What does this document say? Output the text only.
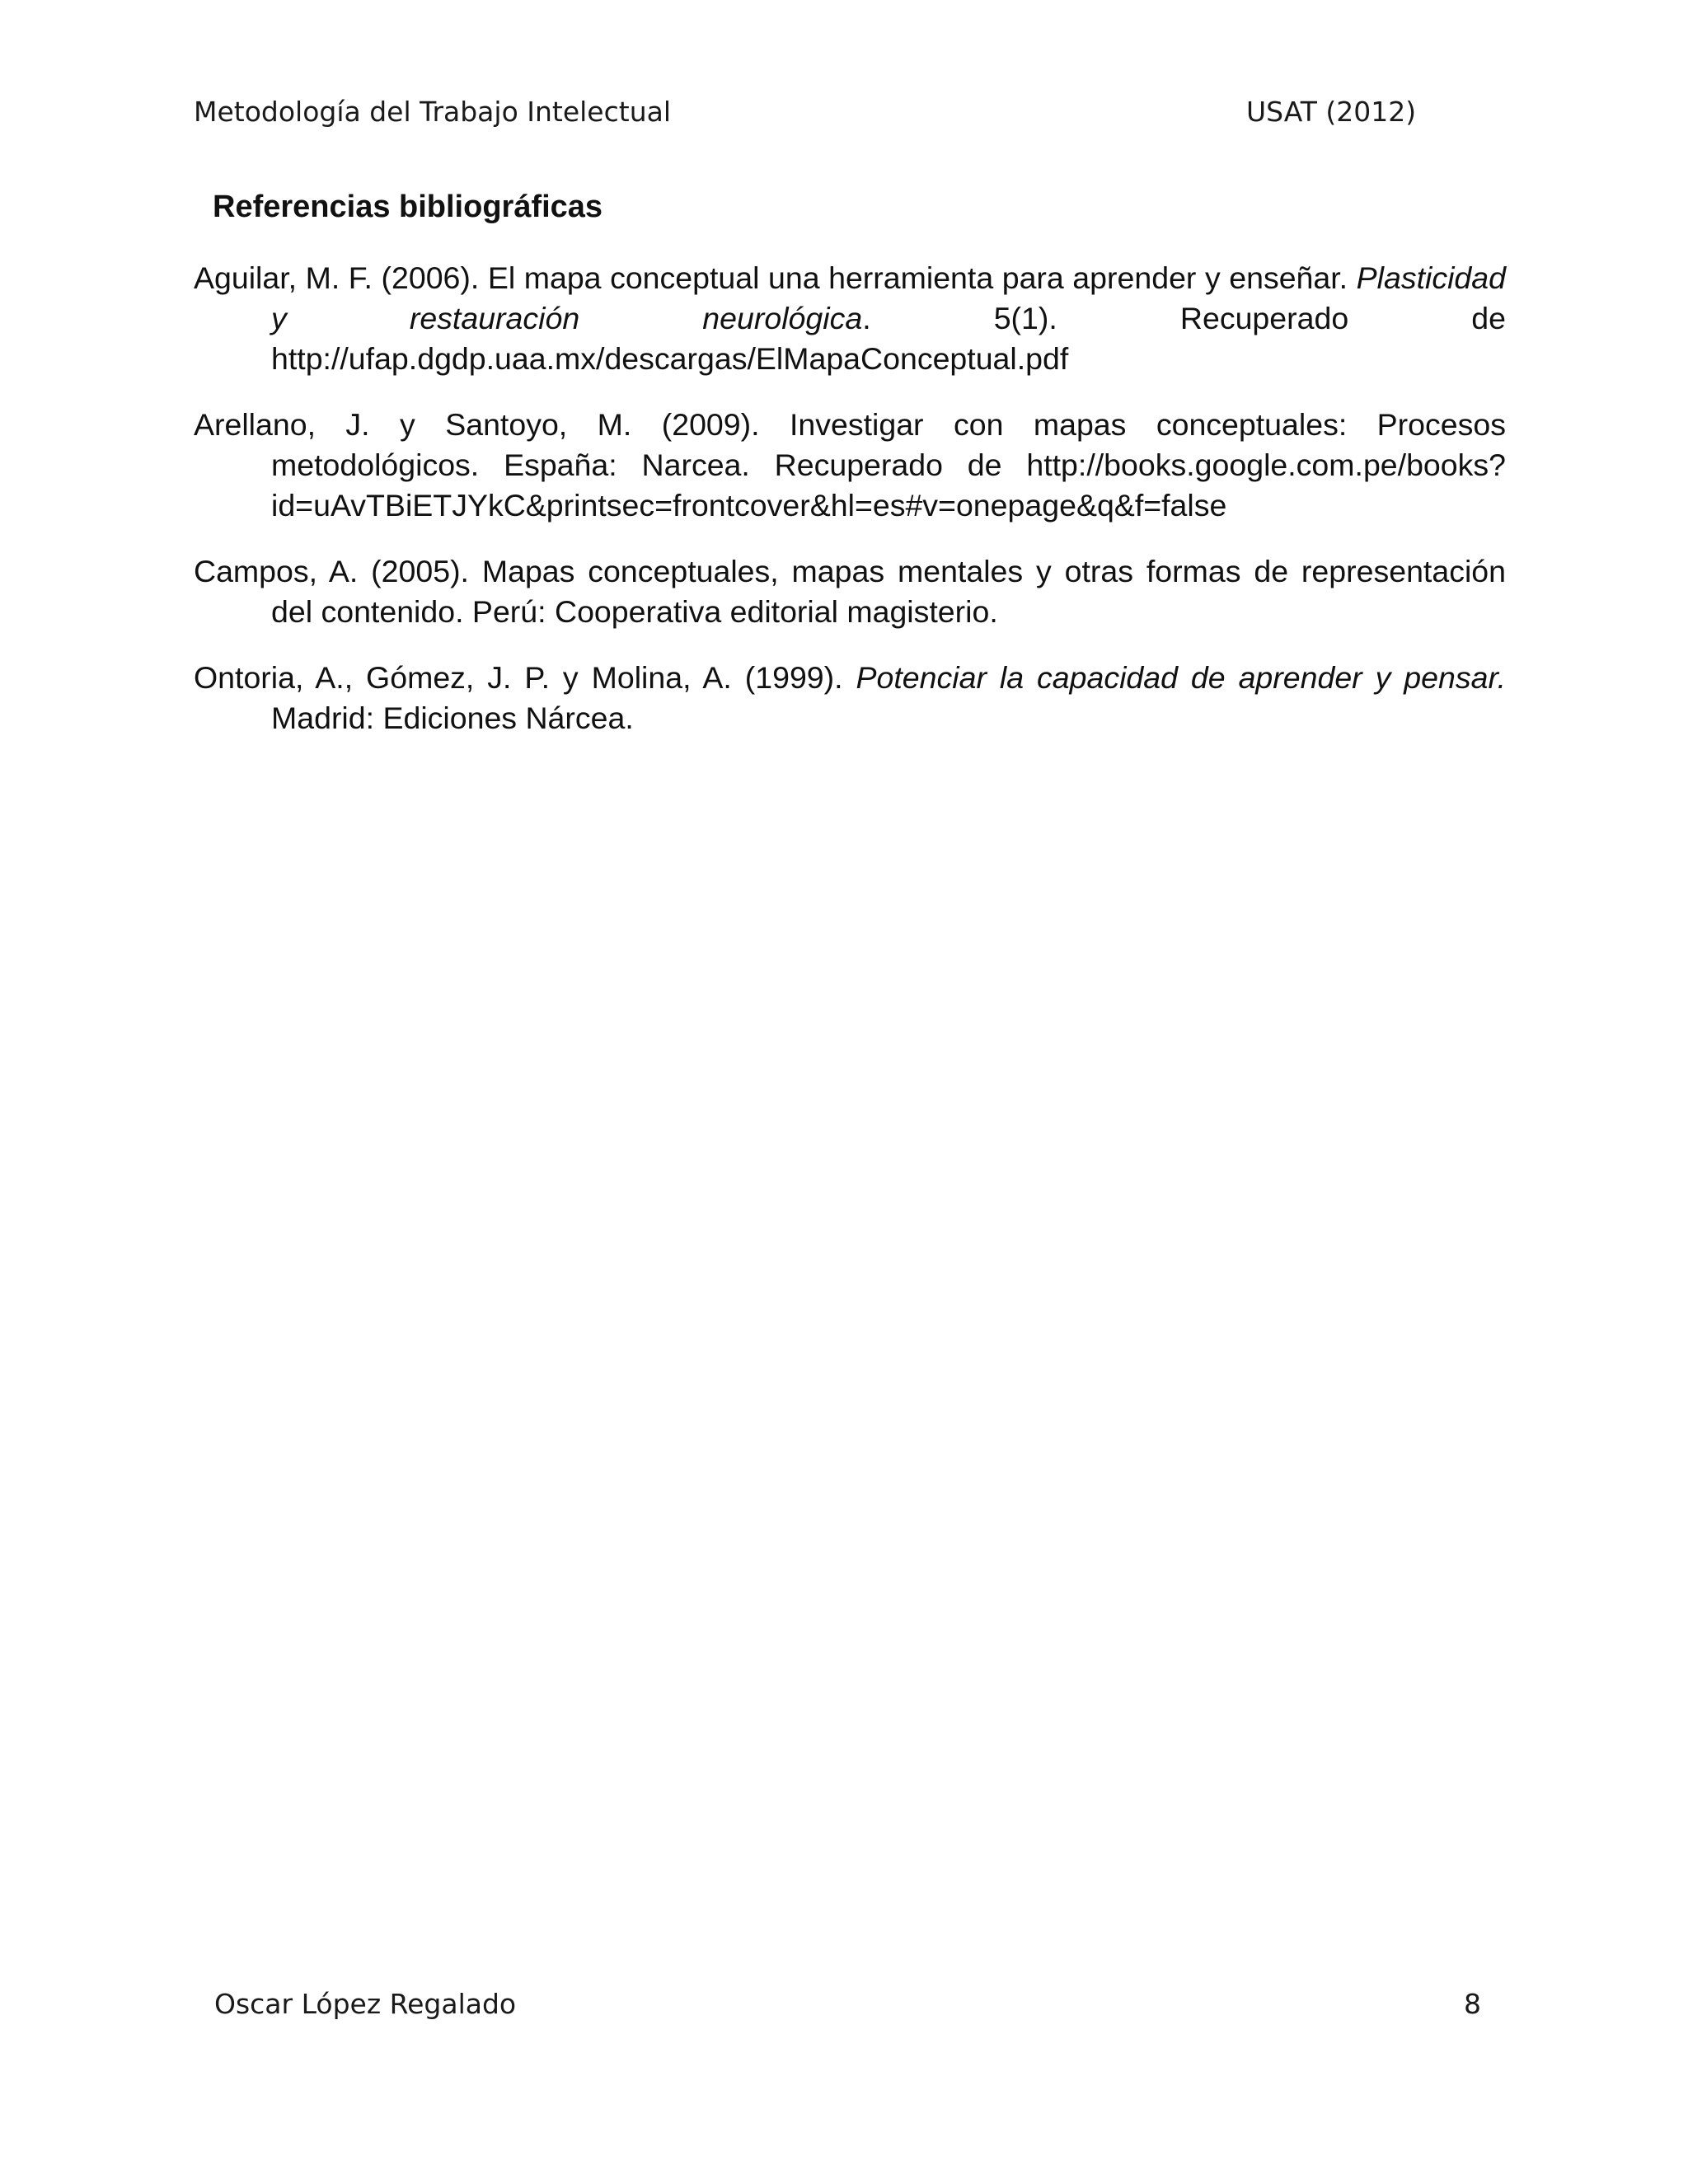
Metodología del Trabajo Intelectual	USAT (2012)
Referencias bibliográficas

Aguilar, M. F. (2006). El mapa conceptual una herramienta para aprender y enseñar. Plasticidad y restauración neurológica. 5(1). Recuperado de http://ufap.dgdp.uaa.mx/descargas/ElMapaConceptual.pdf

Arellano, J. y Santoyo, M. (2009). Investigar con mapas conceptuales: Procesos metodológicos. España: Narcea. Recuperado de http://books.google.com.pe/books?id=uAvTBiETJYkC&printsec=frontcover&hl=es#v=onepage&q&f=false

Campos, A. (2005). Mapas conceptuales, mapas mentales y otras formas de representación del contenido. Perú: Cooperativa editorial magisterio.

Ontoria, A., Gómez, J. P. y Molina, A. (1999). Potenciar la capacidad de aprender y pensar. Madrid: Ediciones Nárcea.

Oscar López Regalado	8
